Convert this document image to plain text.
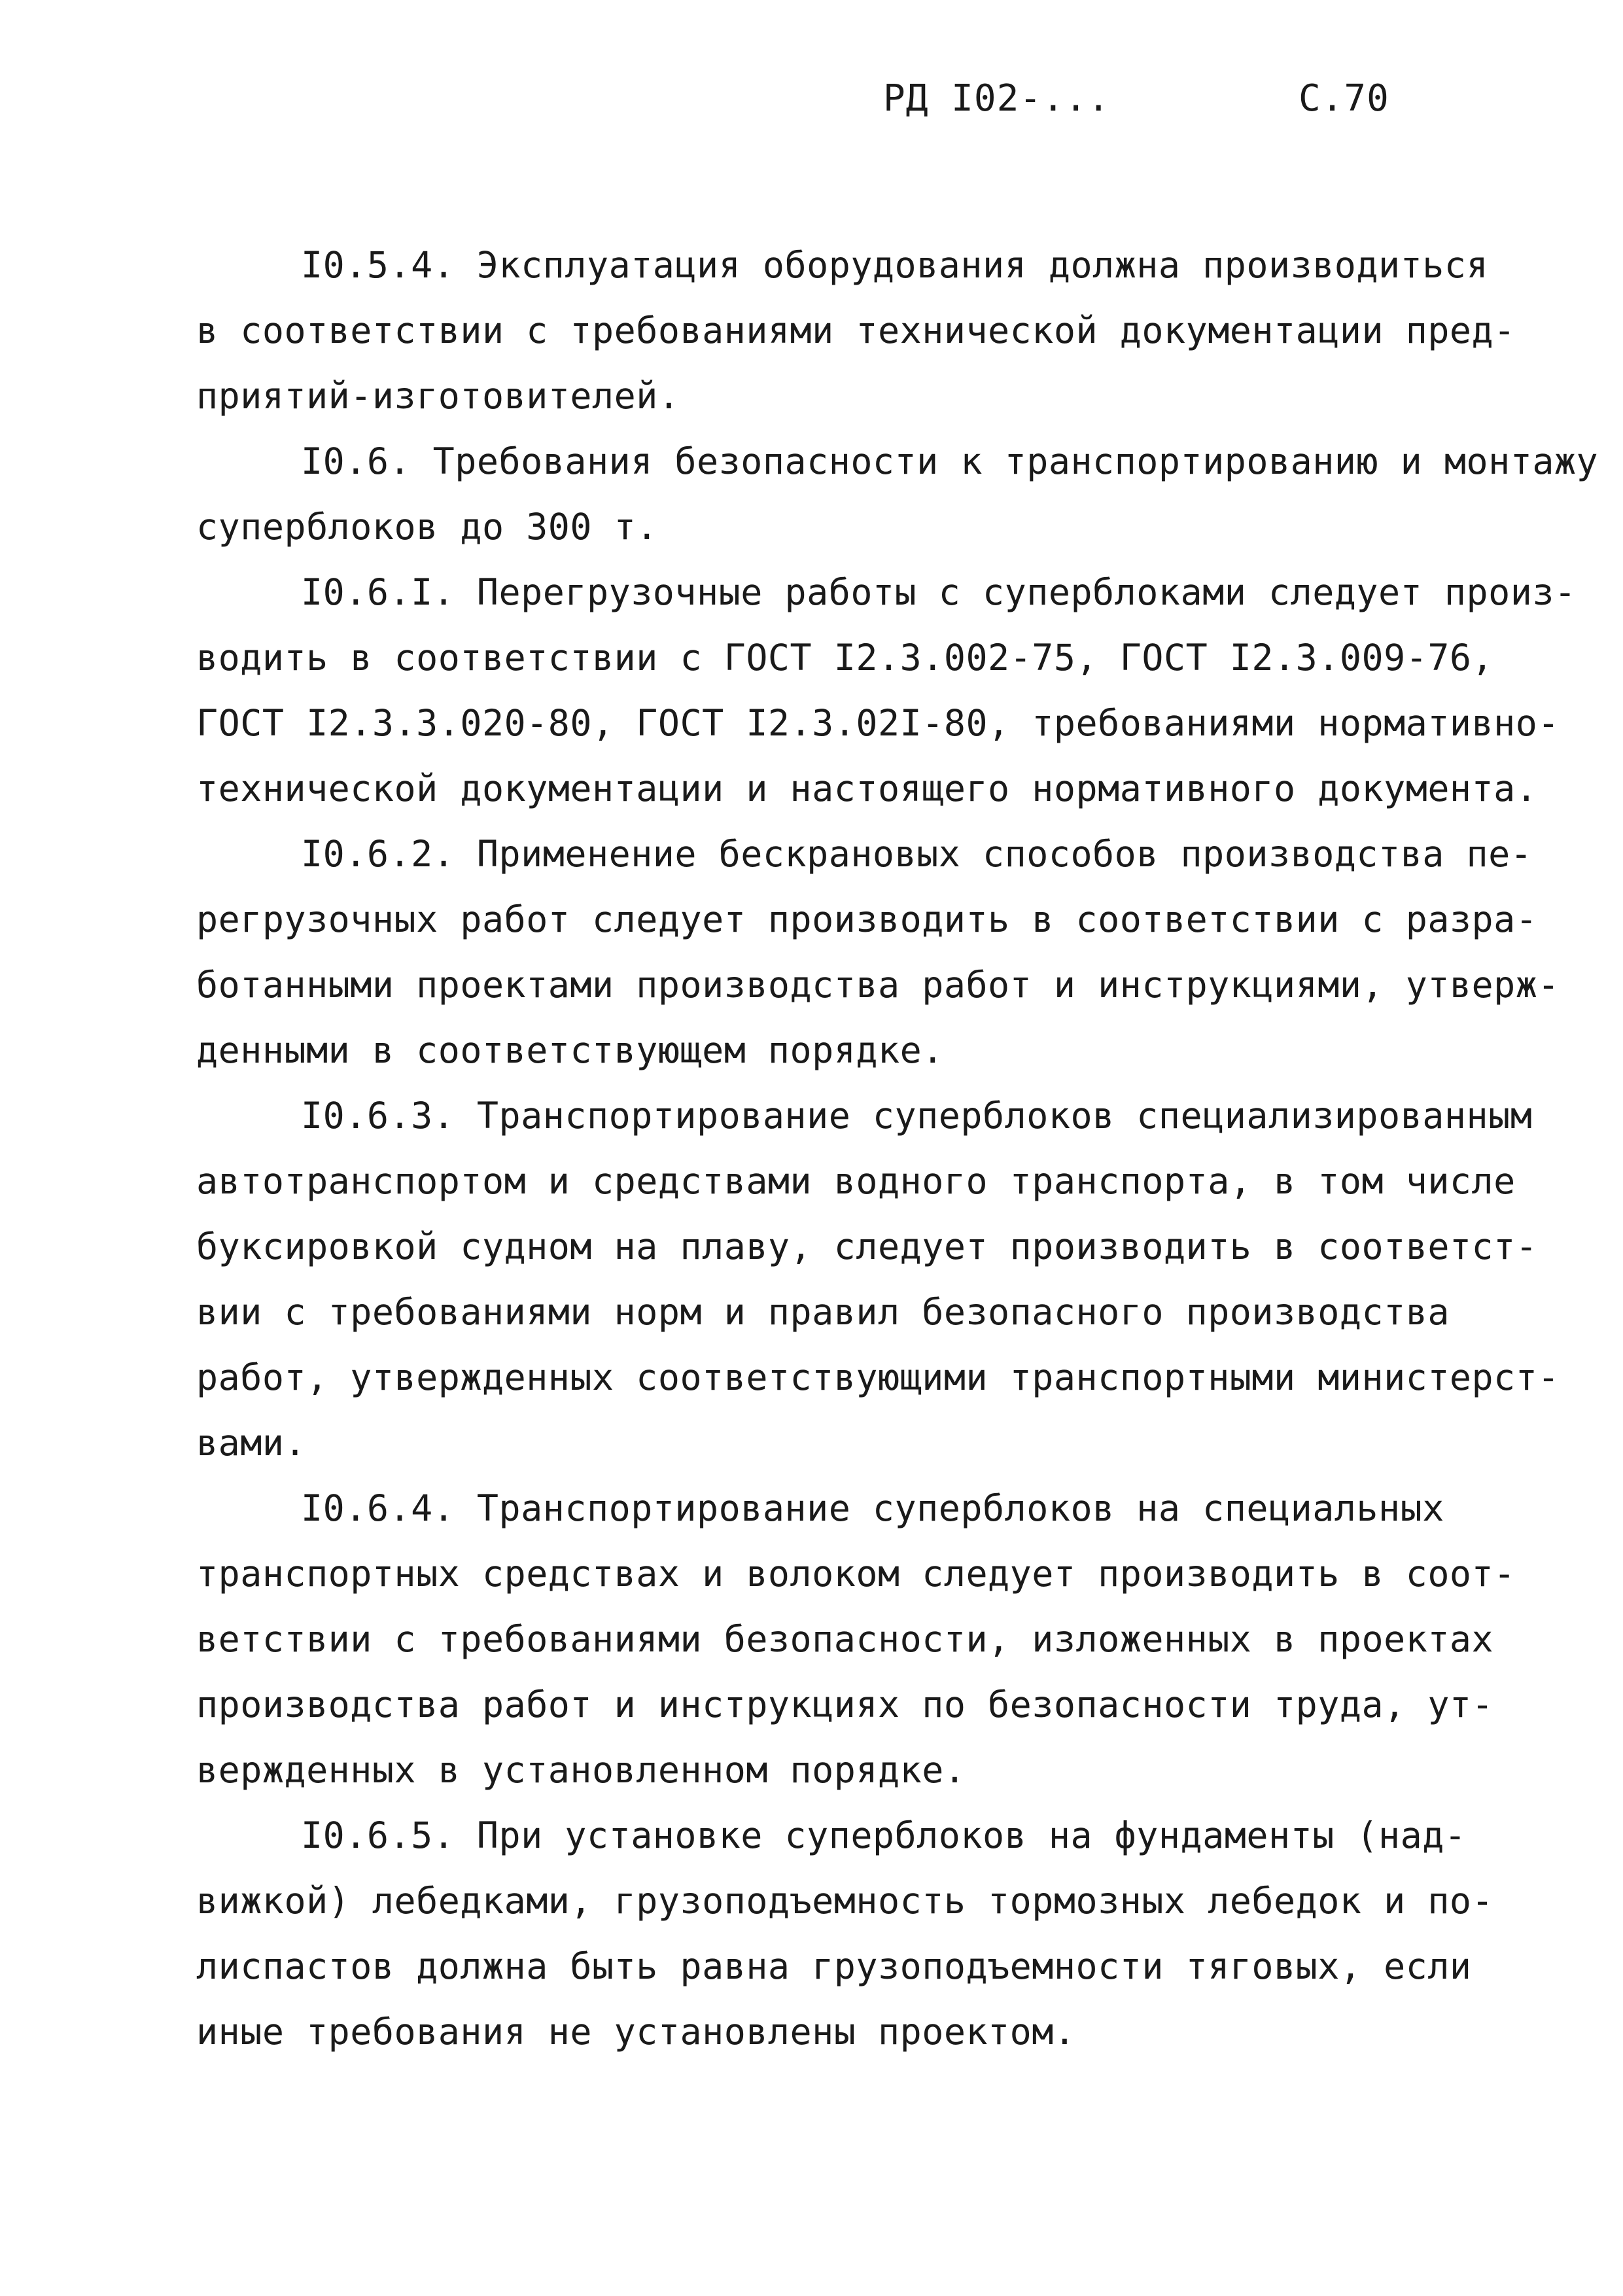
РД I02-...	С.70
I0.5.4. Эксплуатация оборудования должна производиться
в соответствии с требованиями технической документации пред-
приятий-изготовителей.
I0.6. Требования безопасности к транспортированию и монтажу
суперблоков до 300 т.
I0.6.I. Перегрузочные работы с суперблоками следует произ-
водить в соответствии с ГОСТ I2.3.002-75, ГОСТ I2.3.009-76,
ГОСТ I2.3.3.020-80, ГОСТ I2.3.02I-80, требованиями нормативно-
технической документации и настоящего нормативного документа.
I0.6.2. Применение бескрановых способов производства пе-
регрузочных работ следует производить в соответствии с разра-
ботанными проектами производства работ и инструкциями, утверж-
денными в соответствующем порядке.
I0.6.3. Транспортирование суперблоков специализированным
автотранспортом и средствами водного транспорта, в том числе
буксировкой судном на плаву, следует производить в соответст-
вии с требованиями норм и правил безопасного производства
работ, утвержденных соответствующими транспортными министерст-
вами.
I0.6.4. Транспортирование суперблоков на специальных
транспортных средствах и волоком следует производить в соот-
ветствии с требованиями безопасности, изложенных в проектах
производства работ и инструкциях по безопасности труда, ут-
вержденных в установленном порядке.
I0.6.5. При установке суперблоков на фундаменты (над-
вижкой) лебедками, грузоподъемность тормозных лебедок и по-
лиспастов должна быть равна грузоподъемности тяговых, если
иные требования не установлены проектом.
